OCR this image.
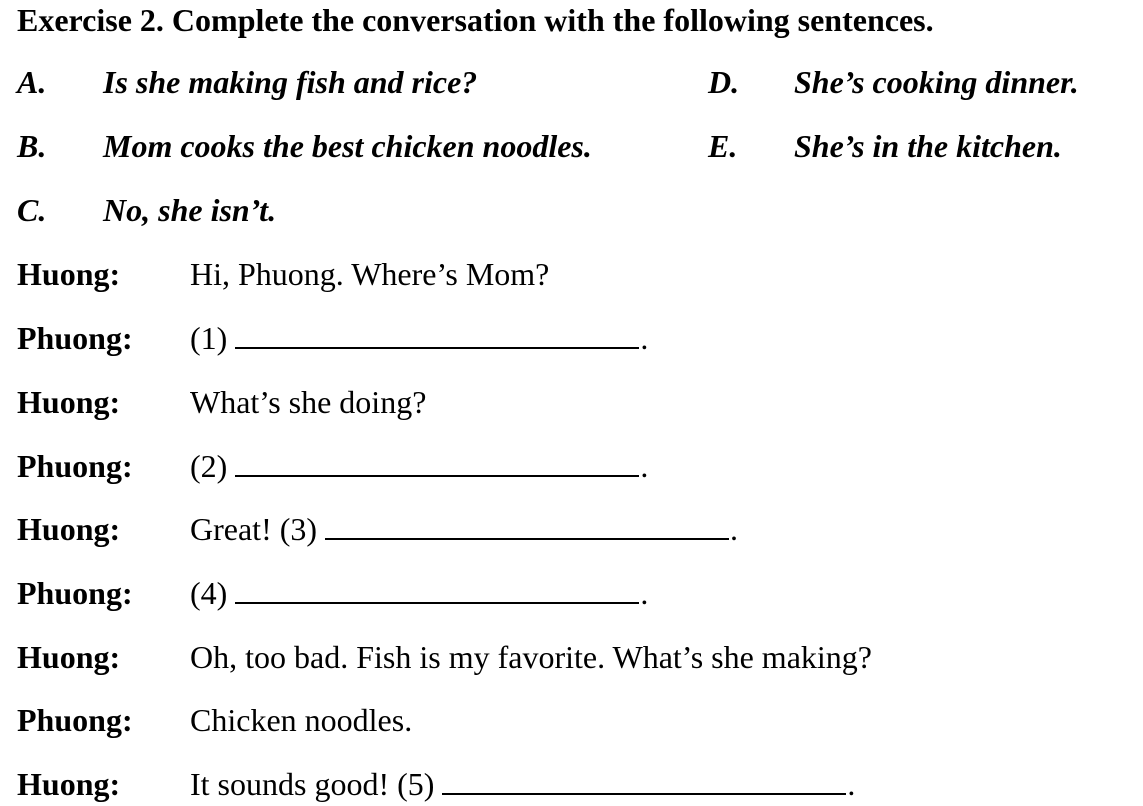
Exercise 2. Complete the conversation with the following sentences.
A. Is she making fish and rice?
B. Mom cooks the best chicken noodles.
C. No, she isn’t.
D. She’s cooking dinner.
E. She’s in the kitchen.
Huong: Hi, Phuong. Where’s Mom?
Phuong: (1)	.
Huong: What’s she doing?
Phuong: (2)	.
Huong: Great! (3)	.
Phuong: (4)	.
Huong: Oh, too bad. Fish is my favorite. What’s she making?
Phuong: Chicken noodles.
Huong: It sounds good! (5)	.
